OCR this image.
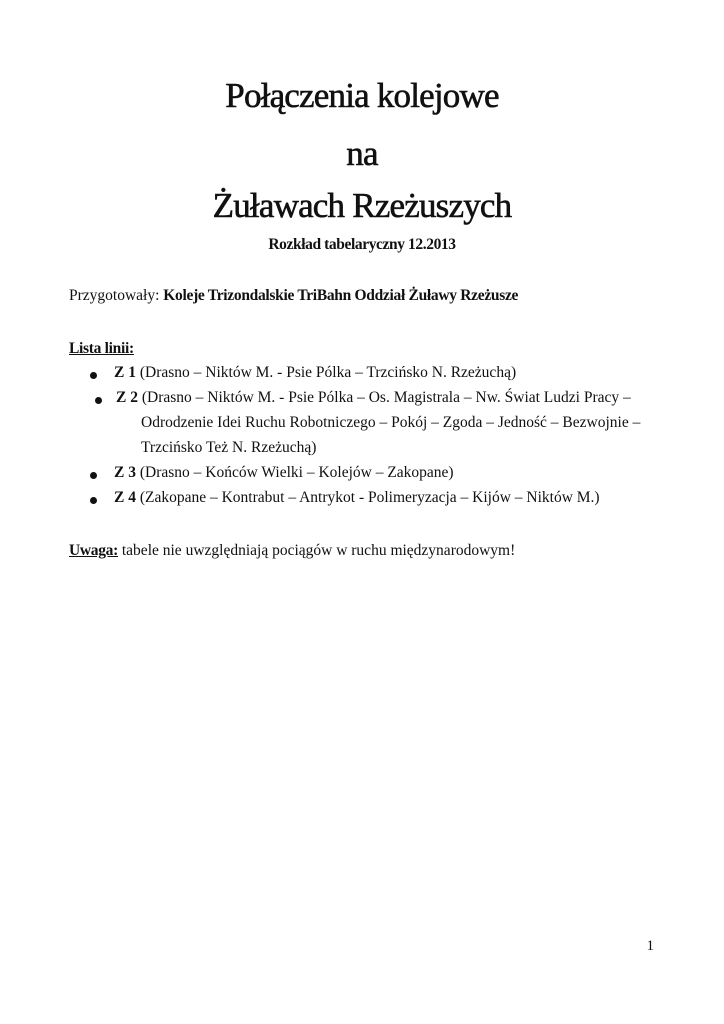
Połączenia kolejowe
na
Żuławach Rzeżuszych
Rozkład tabelaryczny 12.2013
Przygotowały: Koleje Trizondalskie TriBahn Oddział Żuławy Rzeżusze
Lista linii:
Z 1 (Drasno – Niktów M. - Psie Pólka – Trzcińsko N. Rzeżuchą)
Z 2 (Drasno – Niktów M. - Psie Pólka – Os. Magistrala – Nw. Świat Ludzi Pracy –
Odrodzenie Idei Ruchu Robotniczego – Pokój – Zgoda – Jedność – Bezwojnie –
Trzcińsko Też N. Rzeżuchą)
Z 3 (Drasno – Końców Wielki – Kolejów – Zakopane)
Z 4 (Zakopane – Kontrabut – Antrykot - Polimeryzacja – Kijów – Niktów M.)
Uwaga: tabele nie uwzględniają pociągów w ruchu międzynarodowym!
1
